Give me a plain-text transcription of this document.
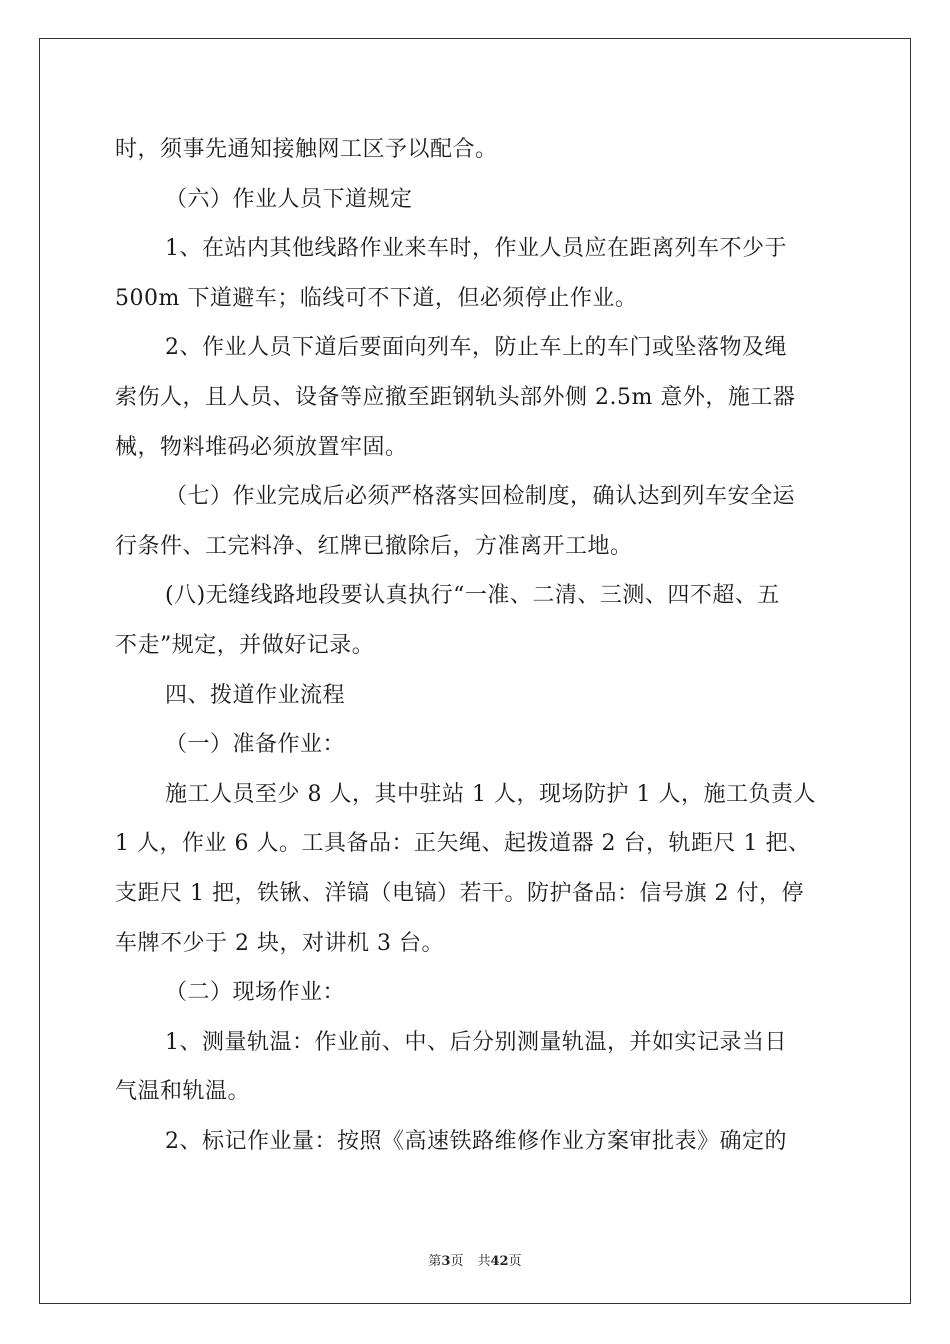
时，须事先通知接触网工区予以配合。
（六）作业人员下道规定
1、在站内其他线路作业来车时，作业人员应在距离列车不少于
500m 下道避车；临线可不下道，但必须停止作业。
2、作业人员下道后要面向列车，防止车上的车门或坠落物及绳
索伤人，且人员、设备等应撤至距钢轨头部外侧 2.5m 意外，施工器
械，物料堆码必须放置牢固。
（七）作业完成后必须严格落实回检制度，确认达到列车安全运
行条件、工完料净、红牌已撤除后，方准离开工地。
(八)无缝线路地段要认真执行“一准、二清、三测、四不超、五
不走”规定，并做好记录。
四、拨道作业流程
（一）准备作业：
施工人员至少 8 人，其中驻站 1 人，现场防护 1 人，施工负责人
1 人，作业 6 人。工具备品：正矢绳、起拨道器 2 台，轨距尺 1 把、
支距尺 1 把，铁锹、洋镐（电镐）若干。防护备品：信号旗 2 付，停
车牌不少于 2 块，对讲机 3 台。
（二）现场作业：
1、测量轨温：作业前、中、后分别测量轨温，并如实记录当日
气温和轨温。
2、标记作业量：按照《高速铁路维修作业方案审批表》确定的
第3页 共42页
